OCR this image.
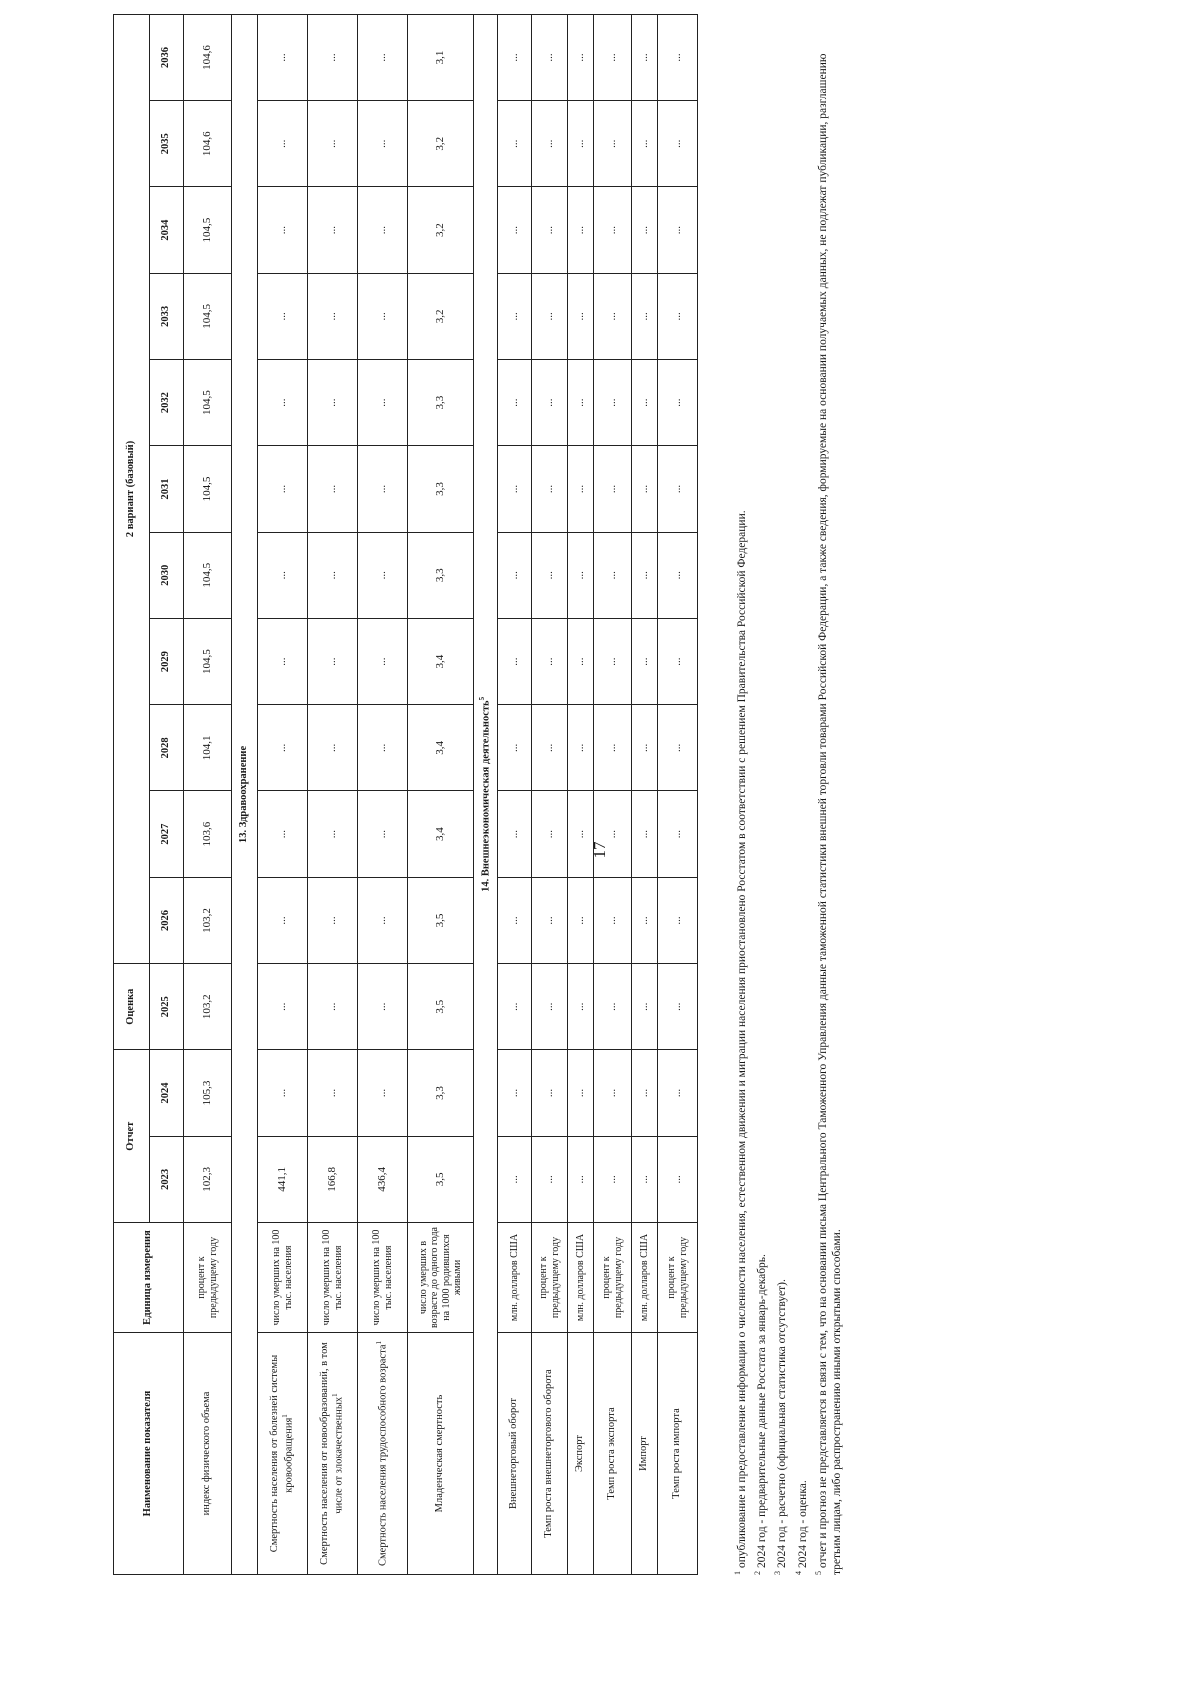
17
Наименование показателя	Единица измерения	Отчет		Оценка	2 вариант (базовый)										
		2023	2024	2025	2026	2027	2028	2029	2030	2031	2032	2033	2034	2035	2036
индекс физического объема	процент к предыдущему году	102,3	105,3	103,2	103,2	103,6	104,1	104,5	104,5	104,5	104,5	104,5	104,5	104,6	104,6
13. Здравоохранение															
Смертность населения от болезней системы кровообращения$^1$	число умерших на 100 тыс. населения	441,1	...	...	...	...	...	...	...	...	...	...	...	...	...
Смертность населения от новообразований, в том числе от злокачественных$^1$	число умерших на 100 тыс. населения	166,8	...	...	...	...	...	...	...	...	...	...	...	...	...
Смертность населения трудоспособного возраста$^1$	число умерших на 100 тыс. населения	436,4	...	...	...	...	...	...	...	...	...	...	...	...	...
Младенческая смертность	число умерших в возрасте до одного года на 1000 родившихся живыми	3,5	3,3	3,5	3,5	3,4	3,4	3,4	3,3	3,3	3,3	3,2	3,2	3,2	3,1
14. Внешнеэкономическая деятельность$^5$
Внешнеторговый оборот	млн. долларов США	...	...	...	...	...	...	...	...	...	...	...	...	...	...
Темп роста внешнеторгового оборота	процент к предыдущему году	...	...	...	...	...	...	...	...	...	...	...	...	...	...
Экспорт	млн. долларов США	...	...	...	...	...	...	...	...	...	...	...	...	...	...
Темп роста экспорта	процент к предыдущему году	...	...	...	...	...	...	...	...	...	...	...	...	...	...
Импорт	млн. долларов США	...	...	...	...	...	...	...	...	...	...	...	...	...	...
Темп роста импорта	процент к предыдущему году	...	...	...	...	...	...	...	...	...	...	...	...	...	...

$^1$опубликование и предоставление информации о численности населения, естественном движении и миграции населения приостановлено Росстатом в соответствии с решением Правительства Российской Федерации.

$^2$2024 год - предварительные данные Росстата за январь-декабрь.

$^3$2024 год - расчетно (официальная статистика отсутствует).

$^4$2024 год - оценка.

$^5$отчет и прогноз не представляется в связи с тем, что на основании письма Центрального Таможенного Управления данные таможенной статистики внешней торговли товарами Российской Федерации, а также сведения, формируемые на основании получаемых данных, не подлежат публикации, разглашению третьим лицам, либо распространению иными открытыми способами.
